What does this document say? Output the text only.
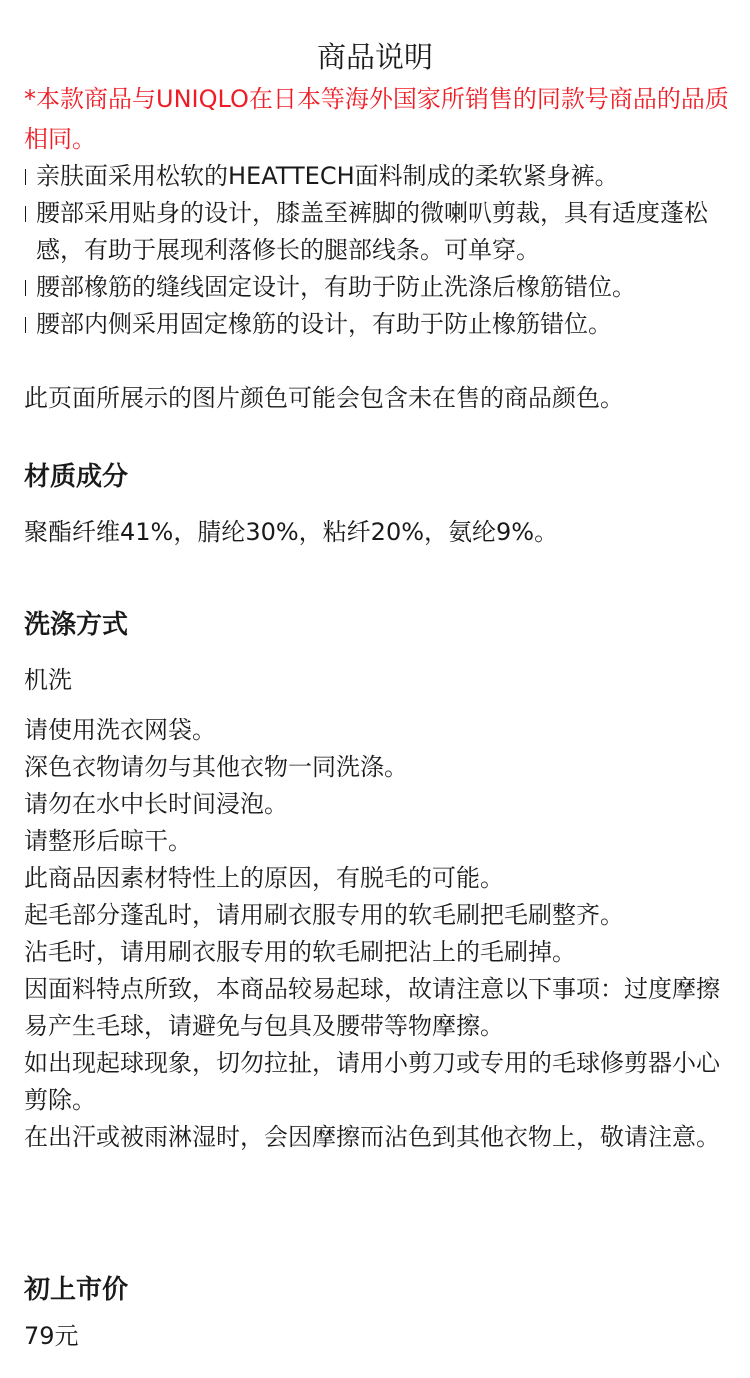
商品说明

*本款商品与UNIQLO在日本等海外国家所销售的同款号商品的品质相同。

亲肤面采用松软的HEATTECH面料制成的柔软紧身裤。
腰部采用贴身的设计，膝盖至裤脚的微喇叭剪裁，具有适度蓬松感，有助于展现利落修长的腿部线条。可单穿。
腰部橡筋的缝线固定设计，有助于防止洗涤后橡筋错位。
腰部内侧采用固定橡筋的设计，有助于防止橡筋错位。

此页面所展示的图片颜色可能会包含未在售的商品颜色。

材质成分

聚酯纤维41%，腈纶30%，粘纤20%，氨纶9%。

洗涤方式

机洗

请使用洗衣网袋。
深色衣物请勿与其他衣物一同洗涤。
请勿在水中长时间浸泡。
请整形后晾干。
此商品因素材特性上的原因，有脱毛的可能。
起毛部分蓬乱时，请用刷衣服专用的软毛刷把毛刷整齐。
沾毛时，请用刷衣服专用的软毛刷把沾上的毛刷掉。
因面料特点所致，本商品较易起球，故请注意以下事项：过度摩擦易产生毛球，请避免与包具及腰带等物摩擦。
如出现起球现象，切勿拉扯，请用小剪刀或专用的毛球修剪器小心剪除。
在出汗或被雨淋湿时，会因摩擦而沾色到其他衣物上，敬请注意。
初上市价

79元
